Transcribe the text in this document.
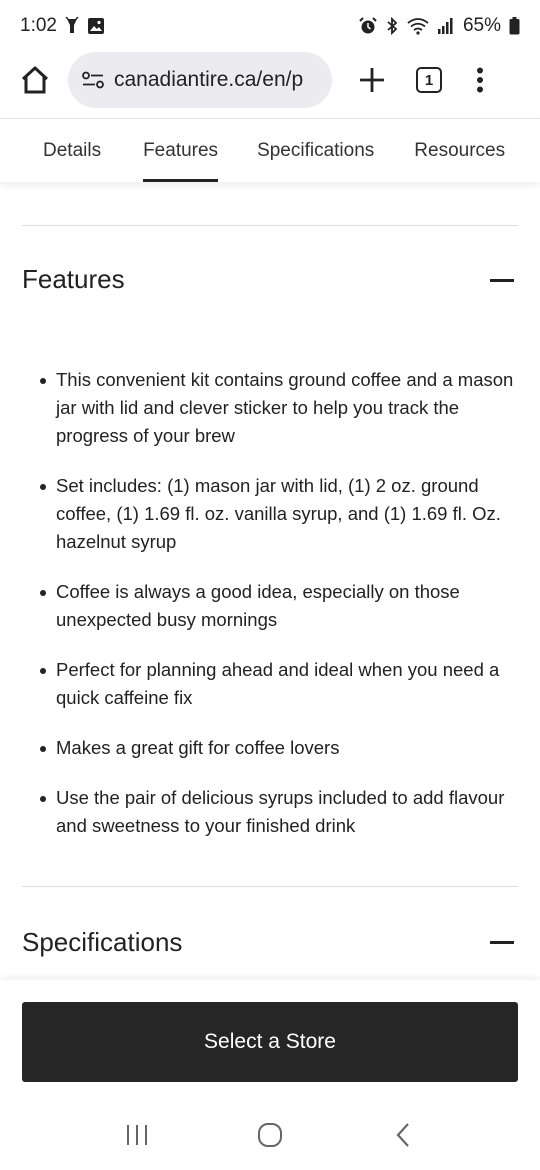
1:02	65%
canadiantire.ca/en/p	1
Details Features Specifications Resources
Features
This convenient kit contains ground coffee and a mason jar with lid and clever sticker to help you track the progress of your brew
Set includes: (1) mason jar with lid, (1) 2 oz. ground coffee, (1) 1.69 fl. oz. vanilla syrup, and (1) 1.69 fl. Oz. hazelnut syrup
Coffee is always a good idea, especially on those unexpected busy mornings
Perfect for planning ahead and ideal when you need a quick caffeine fix
Makes a great gift for coffee lovers
Use the pair of delicious syrups included to add flavour and sweetness to your finished drink
Specifications
Select a Store
